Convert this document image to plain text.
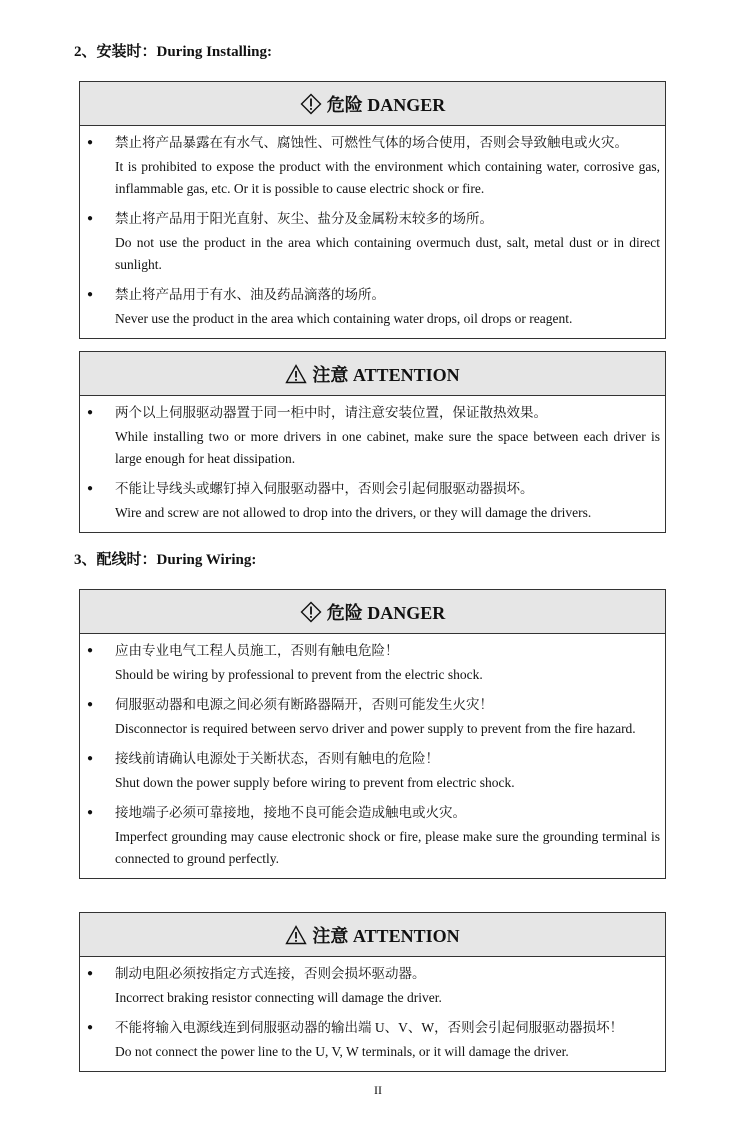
2、安装时：During Installing:
危险 DANGER
● 禁止将产品暴露在有水气、腐蚀性、可燃性气体的场合使用，否则会导致触电或火灾。
It is prohibited to expose the product with the environment which containing water, corrosive gas, inflammable gas, etc. Or it is possible to cause electric shock or fire.
● 禁止将产品用于阳光直射、灰尘、盐分及金属粉末较多的场所。
Do not use the product in the area which containing overmuch dust, salt, metal dust or in direct sunlight.
● 禁止将产品用于有水、油及药品滴落的场所。
Never use the product in the area which containing water drops, oil drops or reagent.
注意 ATTENTION
● 两个以上伺服驱动器置于同一柜中时，请注意安装位置，保证散热效果。
While installing two or more drivers in one cabinet, make sure the space between each driver is large enough for heat dissipation.
● 不能让导线头或螺钉掉入伺服驱动器中，否则会引起伺服驱动器损坏。
Wire and screw are not allowed to drop into the drivers, or they will damage the drivers.
3、配线时：During Wiring:
危险 DANGER
● 应由专业电气工程人员施工，否则有触电危险！
Should be wiring by professional to prevent from the electric shock.
● 伺服驱动器和电源之间必须有断路器隔开，否则可能发生火灾！
Disconnector is required between servo driver and power supply to prevent from the fire hazard.
● 接线前请确认电源处于关断状态，否则有触电的危险！
Shut down the power supply before wiring to prevent from electric shock.
● 接地端子必须可靠接地，接地不良可能会造成触电或火灾。
Imperfect grounding may cause electronic shock or fire, please make sure the grounding terminal is connected to ground perfectly.
注意 ATTENTION
● 制动电阻必须按指定方式连接，否则会损坏驱动器。
Incorrect braking resistor connecting will damage the driver.
● 不能将输入电源线连到伺服驱动器的输出端 U、V、W，否则会引起伺服驱动器损坏！
Do not connect the power line to the U, V, W terminals, or it will damage the driver.
II
